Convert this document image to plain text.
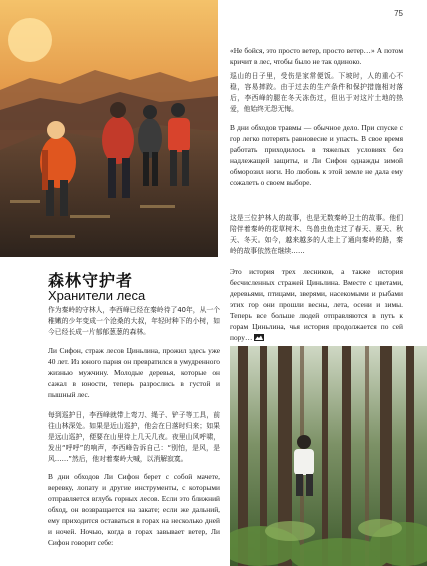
75

«Не бойся, это просто ветер, просто ветер…» А потом кричит в лес, чтобы было не так одиноко.

巡山的日子里，受伤是家常便饭。下坡时，人的重心不稳，容易摔跤。由于过去的生产条件和保护措施相对落后，李西峰的腿在冬天冻伤过，但出于对这片土地的热爱，他始终无怨无悔。

В дни обходов травмы — обычное дело. При спуске с гор легко потерять равновесие и упасть. В свое время работать приходилось в тяжелых условиях без надлежащей защиты, и Ли Сифон однажды зимой обморозил ноги. Но любовь к этой земле не дала ему сожалеть о своем выборе.

这是三位护林人的故事，也是无数秦岭卫士的故事。他们陪伴着秦岭的花草树木、鸟兽虫鱼走过了春天、夏天、秋天、冬天。如今，越来越多的人走上了通向秦岭的路，秦岭的故事依然在继续……

Это история трех лесников, а также история бесчисленных стражей Циньлина. Вместе с цветами, деревьями, птицами, зверями, насекомыми и рыбами этих гор они прошли весны, лета, осени и зимы. Теперь все больше людей отправляются в путь к горам Циньлина, чья история продолжается по сей пору…

森林守护者
Хранители леса

作为秦岭的守林人，李西峰已经在秦岭待了40年，从一个稚嫩的少年变成一个沧桑的大叔，年轻时种下的小树，如今已经长成一片郁郁葱葱的森林。

Ли Сифон, страж лесов Циньлина, прожил здесь уже 40 лет. Из юного парня он превратился в умудренного жизнью мужчину. Молодые деревья, которые он сажал в юности, теперь разрослись в густой и пышный лес.

每到巡护日，李西峰就带上弯刀、绳子、铲子等工具，前往山林深处。如果是近山巡护，他会在日落时归来；如果是远山巡护，便要在山里待上几天几夜。夜里山风呼啸，发出“呼呼”的响声，李西峰告诉自己：“别怕，是风，是风……”然后，他对着秦岭大喊，以消解寂寞。

В дни обходов Ли Сифон берет с собой мачете, веревку, лопату и другие инструменты, с которыми отправляется вглубь горных лесов. Если это ближний обход, он возвращается на закате; если же дальний, ему приходится оставаться в горах на несколько дней и ночей. Ночью, когда в горах завывает ветер, Ли Сифон говорит себе:
